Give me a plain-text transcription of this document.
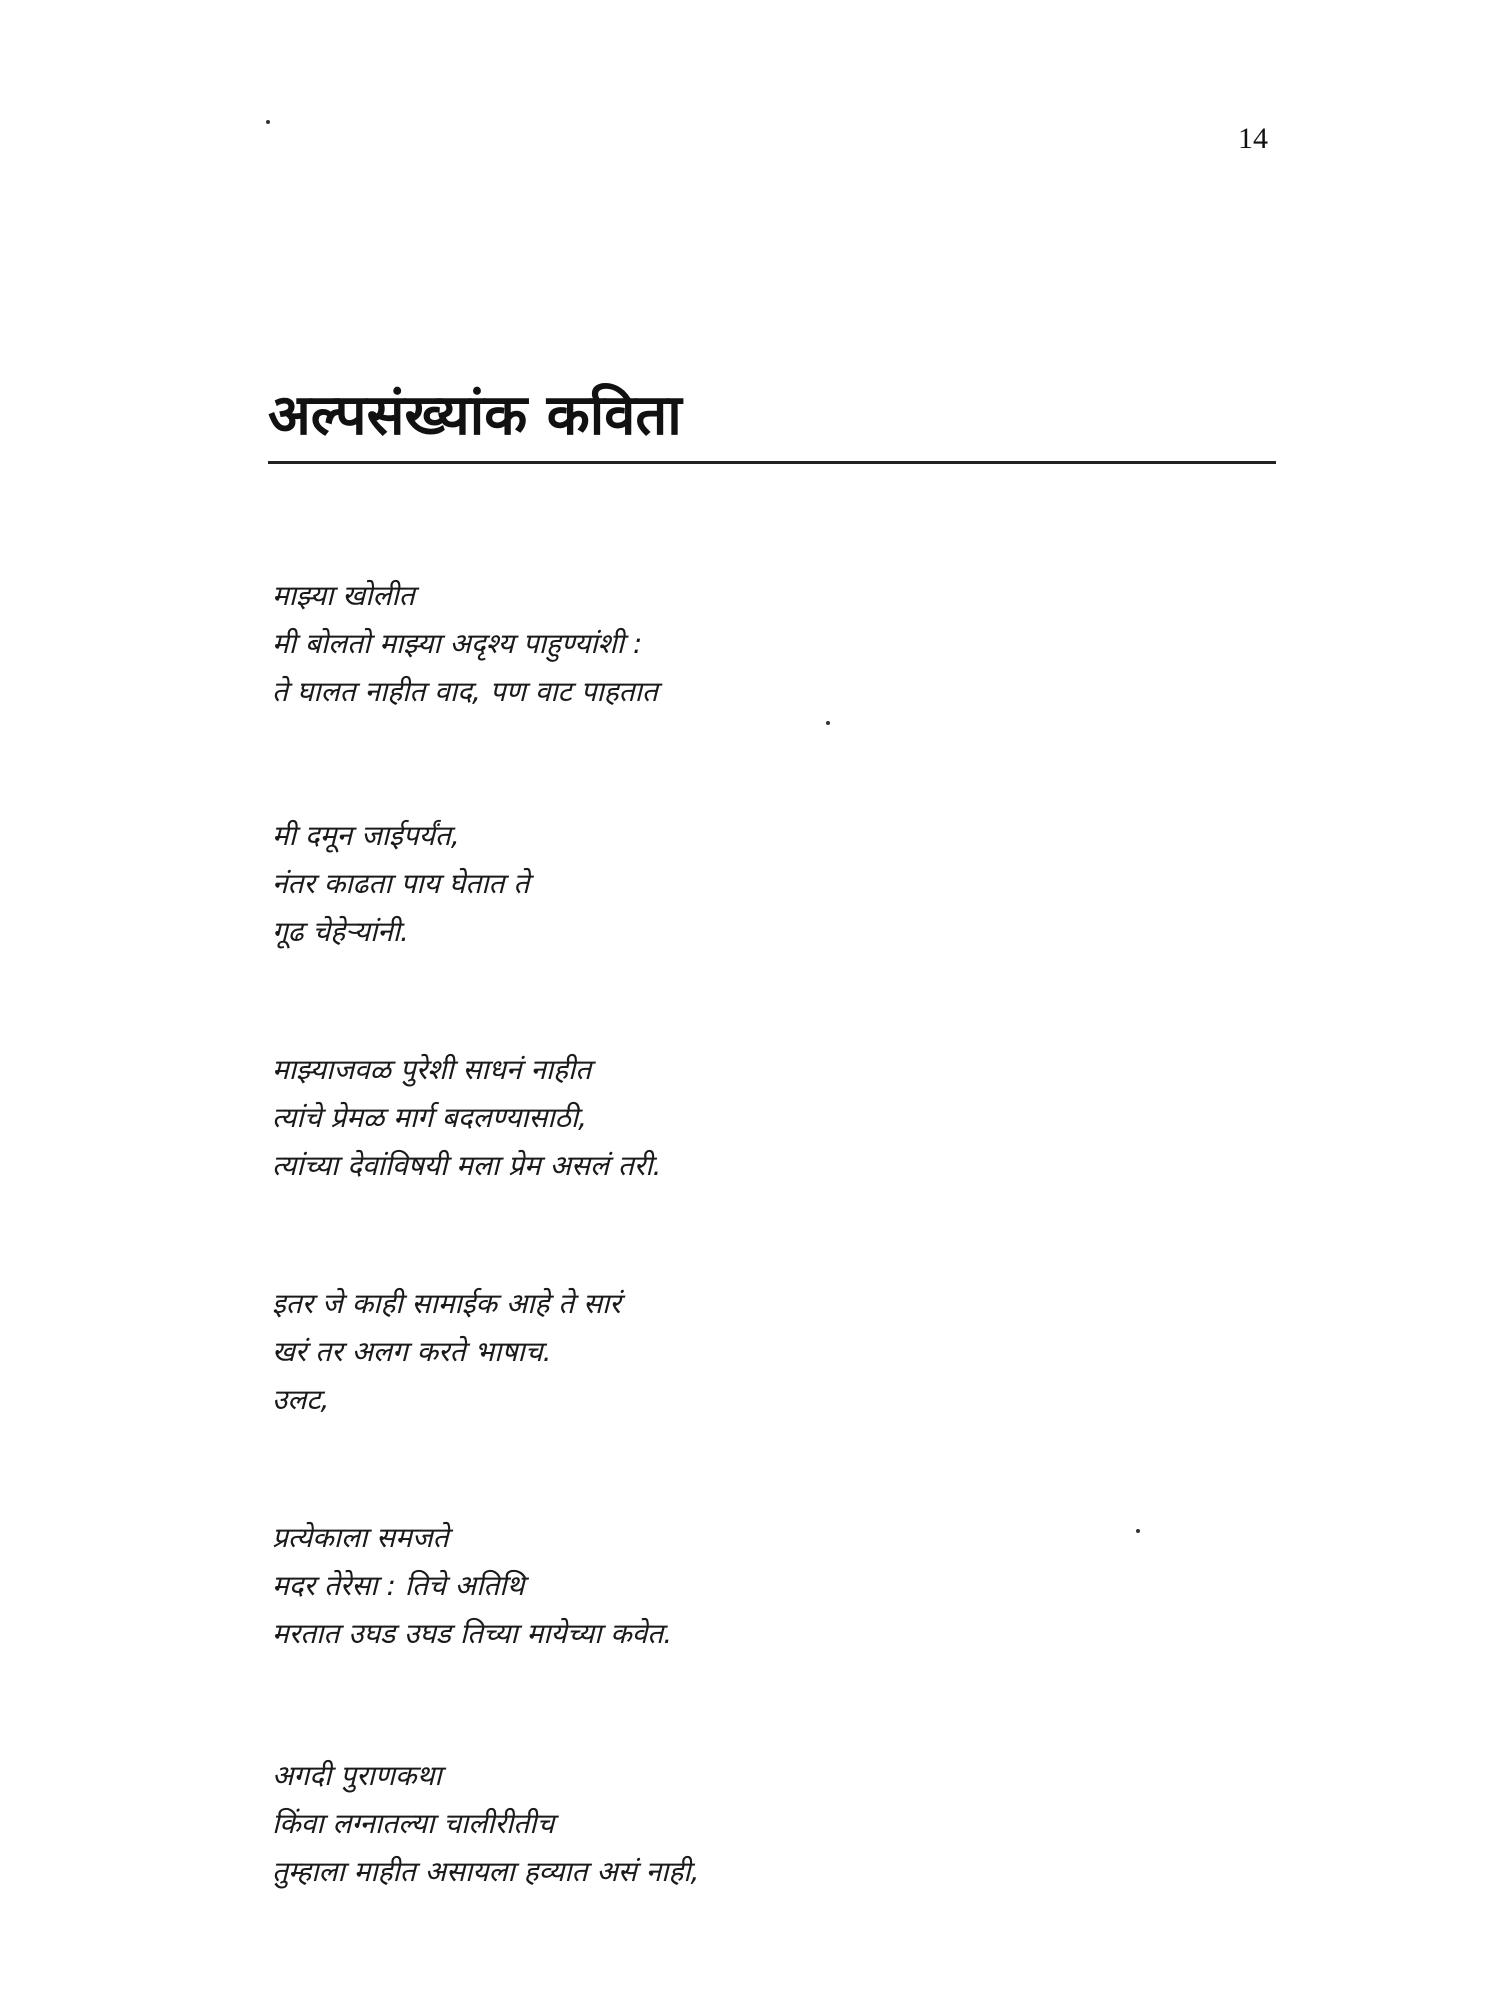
14
अल्पसंख्यांक कविता
माझ्या खोलीत
मी बोलतो माझ्या अदृश्य पाहुण्यांशी :
ते घालत नाहीत वाद, पण वाट पाहतात
मी दमून जाईपर्यंत,
नंतर काढता पाय घेतात ते
गूढ चेहेऱ्यांनी.
माझ्याजवळ पुरेशी साधनं नाहीत
त्यांचे प्रेमळ मार्ग बदलण्यासाठी,
त्यांच्या देवांविषयी मला प्रेम असलं तरी.
इतर जे काही सामाईक आहे ते सारं
खरं तर अलग करते भाषाच.
उलट,
प्रत्येकाला समजते
मदर तेरेसा : तिचे अतिथि
मरतात उघड उघड तिच्या मायेच्या कवेत.
अगदी पुराणकथा
किंवा लग्नातल्या चालीरीतीच
तुम्हाला माहीत असायला हव्यात असं नाही,
